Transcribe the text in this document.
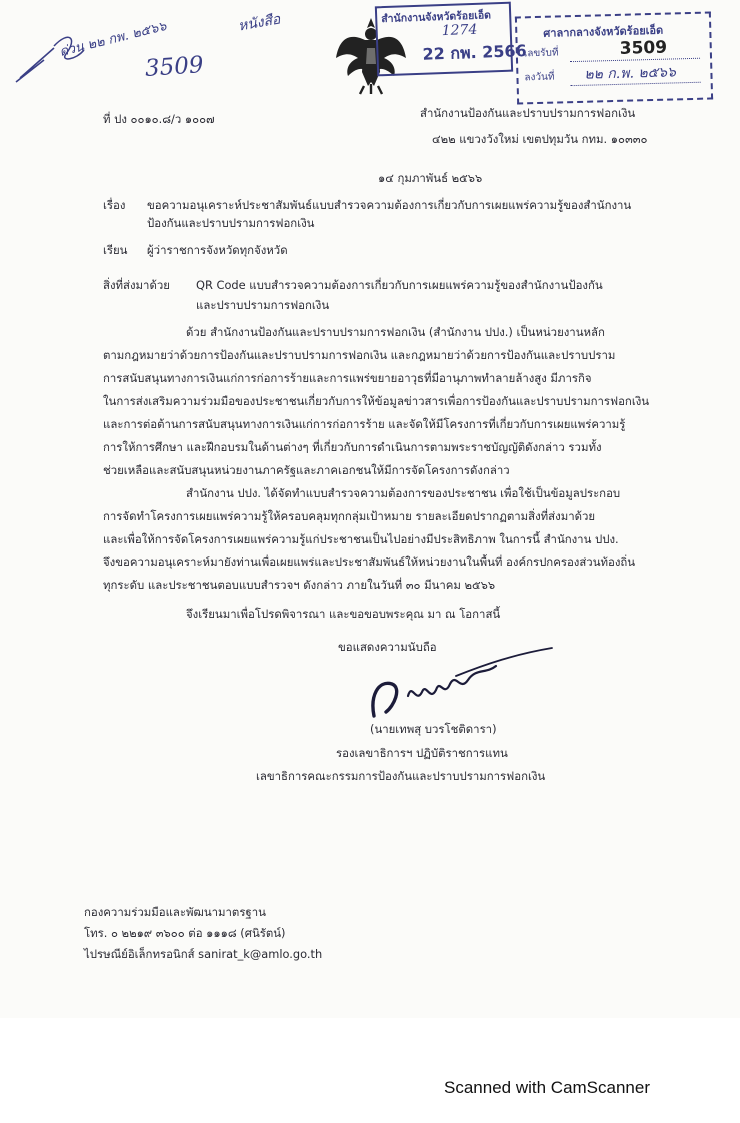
ด่วน ๒๒ กพ. ๒๕๖๖
3509
หนังสือ	สำนักงานจังหวัดร้อยเอ็ด
1274
22 กพ. 2566
ศาลากลางจังหวัดร้อยเอ็ด
เลขรับที่	3509
ลงวันที่ ๒๒ ก.พ. ๒๕๖๖
ที่ ปง ๐๐๑๐.๘/ว ๑๐๐๗	สำนักงานป้องกันและปราบปรามการฟอกเงิน
๔๒๒ แขวงวังใหม่ เขตปทุมวัน กทม. ๑๐๓๓๐
๑๔ กุมภาพันธ์ ๒๕๖๖
เรื่อง ขอความอนุเคราะห์ประชาสัมพันธ์แบบสำรวจความต้องการเกี่ยวกับการเผยแพร่ความรู้ของสำนักงาน
ป้องกันและปราบปรามการฟอกเงิน
เรียน ผู้ว่าราชการจังหวัดทุกจังหวัด
สิ่งที่ส่งมาด้วย QR Code แบบสำรวจความต้องการเกี่ยวกับการเผยแพร่ความรู้ของสำนักงานป้องกัน
และปราบปรามการฟอกเงิน
ด้วย สำนักงานป้องกันและปราบปรามการฟอกเงิน (สำนักงาน ปปง.) เป็นหน่วยงานหลัก
ตามกฎหมายว่าด้วยการป้องกันและปราบปรามการฟอกเงิน และกฎหมายว่าด้วยการป้องกันและปราบปราม
การสนับสนุนทางการเงินแก่การก่อการร้ายและการแพร่ขยายอาวุธที่มีอานุภาพทำลายล้างสูง มีภารกิจ
ในการส่งเสริมความร่วมมือของประชาชนเกี่ยวกับการให้ข้อมูลข่าวสารเพื่อการป้องกันและปราบปรามการฟอกเงิน
และการต่อต้านการสนับสนุนทางการเงินแก่การก่อการร้าย และจัดให้มีโครงการที่เกี่ยวกับการเผยแพร่ความรู้
การให้การศึกษา และฝึกอบรมในด้านต่างๆ ที่เกี่ยวกับการดำเนินการตามพระราชบัญญัติดังกล่าว รวมทั้ง
ช่วยเหลือและสนับสนุนหน่วยงานภาครัฐและภาคเอกชนให้มีการจัดโครงการดังกล่าว
สำนักงาน ปปง. ได้จัดทำแบบสำรวจความต้องการของประชาชน เพื่อใช้เป็นข้อมูลประกอบ
การจัดทำโครงการเผยแพร่ความรู้ให้ครอบคลุมทุกกลุ่มเป้าหมาย รายละเอียดปรากฏตามสิ่งที่ส่งมาด้วย
และเพื่อให้การจัดโครงการเผยแพร่ความรู้แก่ประชาชนเป็นไปอย่างมีประสิทธิภาพ ในการนี้ สำนักงาน ปปง.
จึงขอความอนุเคราะห์มายังท่านเพื่อเผยแพร่และประชาสัมพันธ์ให้หน่วยงานในพื้นที่ องค์กรปกครองส่วนท้องถิ่น
ทุกระดับ และประชาชนตอบแบบสำรวจฯ ดังกล่าว ภายในวันที่ ๓๐ มีนาคม ๒๕๖๖
จึงเรียนมาเพื่อโปรดพิจารณา และขอขอบพระคุณ มา ณ โอกาสนี้
ขอแสดงความนับถือ
(นายเทพสุ บวรโชติดารา)
รองเลขาธิการฯ ปฏิบัติราชการแทน
เลขาธิการคณะกรรมการป้องกันและปราบปรามการฟอกเงิน
กองความร่วมมือและพัฒนามาตรฐาน
โทร. ๐ ๒๒๑๙ ๓๖๐๐ ต่อ ๑๑๑๘ (ศนิรัตน์)
ไปรษณีย์อิเล็กทรอนิกส์ sanirat_k@amlo.go.th
Scanned with CamScanner
